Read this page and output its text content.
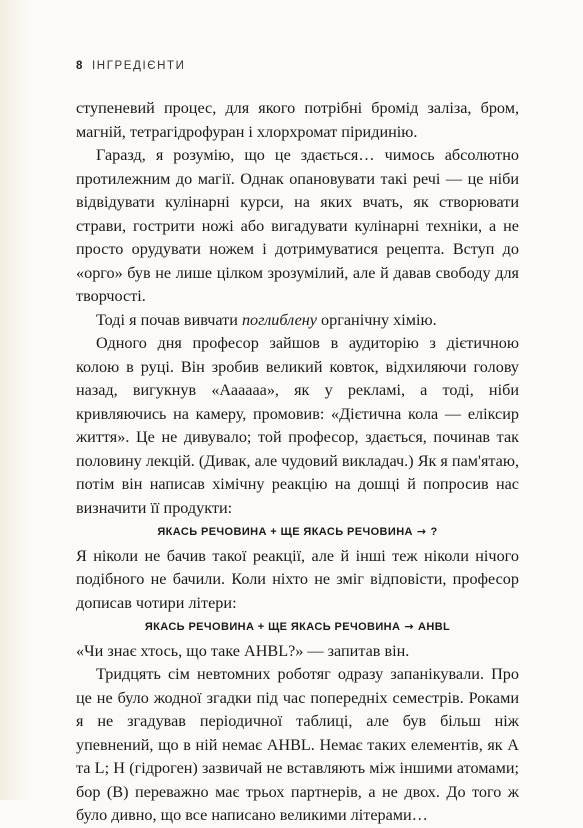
8 ІНГРЕДІЄНТИ

ступеневий процес, для якого потрібні бромід заліза, бром, магній, тетрагідрофуран і хлорхромат піридинію.

Гаразд, я розумію, що це здається… чимось абсолютно протилежним до магії. Однак опановувати такі речі — це ніби відвідувати кулінарні курси, на яких вчать, як створювати страви, гострити ножі або вигадувати кулінарні техніки, а не просто орудувати ножем і дотримуватися рецепта. Вступ до «орго» був не лише цілком зрозумілий, але й давав свободу для творчості.

Тоді я почав вивчати поглиблену органічну хімію.

Одного дня професор зайшов в аудиторію з дієтичною колою в руці. Він зробив великий ковток, відхиляючи голову назад, вигукнув «Аааааа», як у рекламі, а тоді, ніби кривляючись на камеру, промовив: «Дієтична кола — еліксир життя». Це не дивувало; той професор, здається, починав так половину лекцій. (Дивак, але чудовий викладач.) Як я пам'ятаю, потім він написав хімічну реакцію на дошці й попросив нас визначити її продукти:

ЯКАСЬ РЕЧОВИНА + ЩЕ ЯКАСЬ РЕЧОВИНА → ?

Я ніколи не бачив такої реакції, але й інші теж ніколи нічого подібного не бачили. Коли ніхто не зміг відповісти, професор дописав чотири літери:

ЯКАСЬ РЕЧОВИНА + ЩЕ ЯКАСЬ РЕЧОВИНА → AHBL

«Чи знає хтось, що таке AHBL?» — запитав він.

Тридцять сім невтомних роботяг одразу запанікували. Про це не було жодної згадки під час попередніх семестрів. Роками я не згадував періодичної таблиці, але був більш ніж упевнений, що в ній немає AHBL. Немає таких елементів, як A та L; H (гідроген) зазвичай не вставляють між іншими атомами; бор (B) переважно має трьох партнерів, а не двох. До того ж було дивно, що все написано великими літерами…
